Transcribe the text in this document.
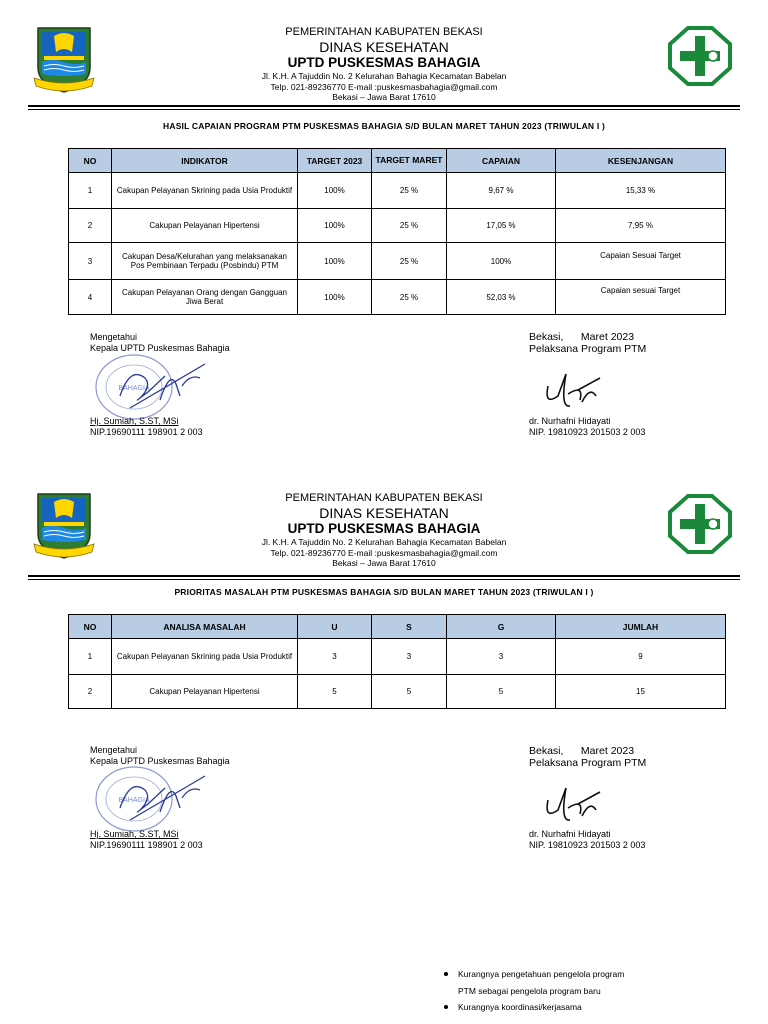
PEMERINTAHAN KABUPATEN BEKASI
DINAS KESEHATAN
UPTD PUSKESMAS BAHAGIA
Jl. K.H. A Tajuddin No. 2 Kelurahan Bahagia Kecamatan Babelan
Telp. 021-89236770 E-mail :puskesmasbahagia@gmail.com
Bekasi – Jawa Barat 17610
HASIL CAPAIAN PROGRAM PTM PUSKESMAS BAHAGIA S/D BULAN MARET TAHUN 2023 (TRIWULAN I )
NO	INDIKATOR	TARGET 2023	TARGET MARET	CAPAIAN	KESENJANGAN
1	Cakupan Pelayanan Skrining pada Usia Produktif	100%	25 %	9,67 %	15,33 %
2	Cakupan Pelayanan Hipertensi	100%	25 %	17,05 %	7,95 %
3	Cakupan Desa/Kelurahan yang melaksanakan Pos Pembinaan Terpadu (Posbindu) PTM	100%	25 %	100%	Capaian Sesuai Target
4	Cakupan Pelayanan Orang dengan Gangguan Jiwa Berat	100%	25 %	52,03 %	Capaian sesuai Target
Mengetahui
Kepala UPTD Puskesmas Bahagia
BAHAGIA
Hj. Sumiah, S.ST, MSi
NIP.19690111 198901 2 003
Bekasi,      Maret 2023
Pelaksana Program PTM
dr. Nurhafni Hidayati
NIP. 19810923 201503 2 003
PEMERINTAHAN KABUPATEN BEKASI
DINAS KESEHATAN
UPTD PUSKESMAS BAHAGIA
Jl. K.H. A Tajuddin No. 2 Kelurahan Bahagia Kecamatan Babelan
Telp. 021-89236770 E-mail :puskesmasbahagia@gmail.com
Bekasi – Jawa Barat 17610
PRIORITAS MASALAH PTM PUSKESMAS BAHAGIA S/D BULAN MARET TAHUN 2023 (TRIWULAN I )
NO	ANALISA MASALAH	U	S	G	JUMLAH
1	Cakupan Pelayanan Skrining pada Usia Produktif	3	3	3	9
2	Cakupan Pelayanan Hipertensi	5	5	5	15
Mengetahui
Kepala UPTD Puskesmas Bahagia
BAHAGIA
Hj. Sumiah, S.ST, MSi
NIP.19690111 198901 2 003
Bekasi,      Maret 2023
Pelaksana Program PTM
dr. Nurhafni Hidayati
NIP. 19810923 201503 2 003
Kurangnya pengetahuan pengelola program PTM sebagai pengelola program baru
Kurangnya koordinasi/kerjasama
